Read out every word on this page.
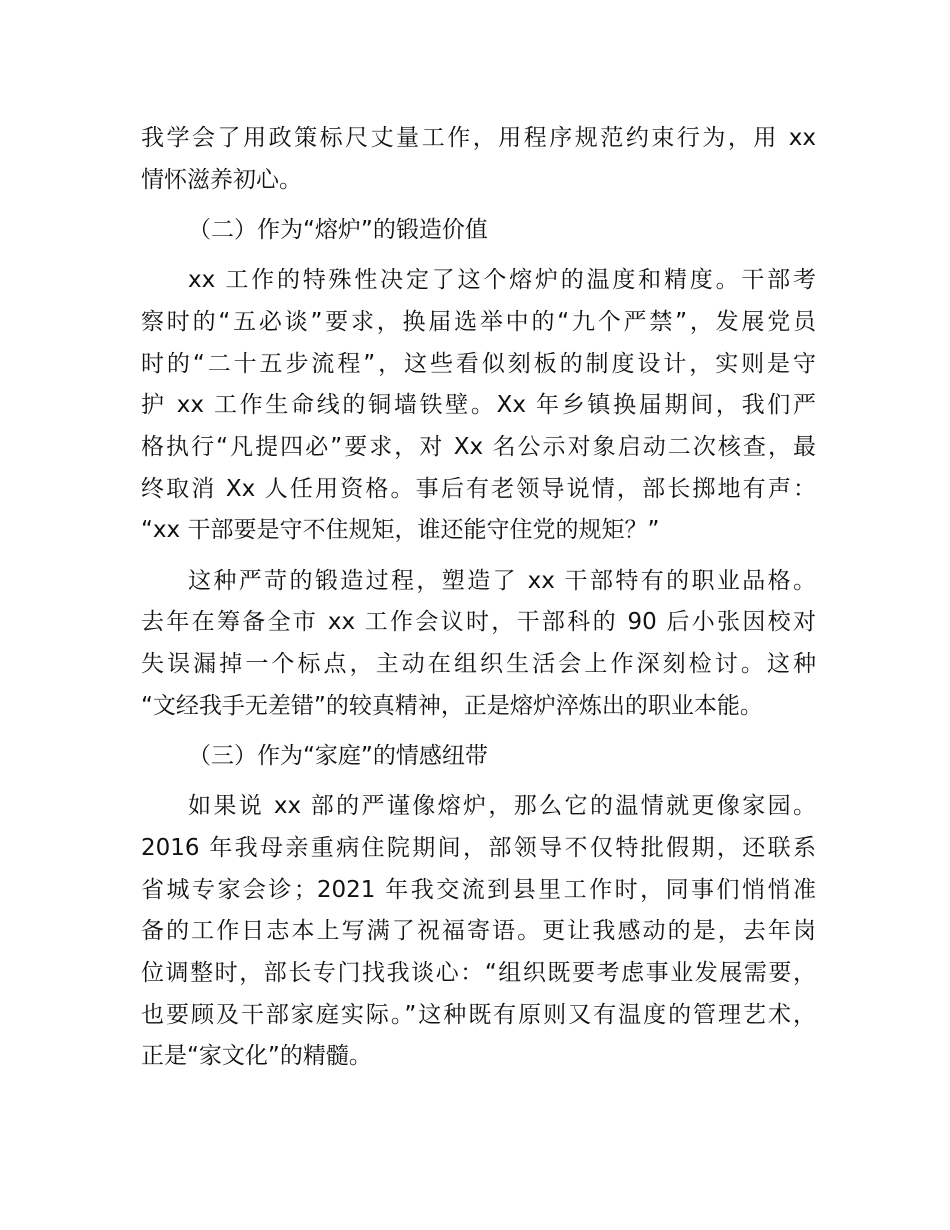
我学会了用政策标尺丈量工作，用程序规范约束行为，用 xx
情怀滋养初心。
（二）作为“熔炉”的锻造价值
xx 工作的特殊性决定了这个熔炉的温度和精度。干部考
察时的“五必谈”要求，换届选举中的“九个严禁”，发展党员
时的“二十五步流程”，这些看似刻板的制度设计，实则是守
护 xx 工作生命线的铜墙铁壁。Xx 年乡镇换届期间，我们严
格执行“凡提四必”要求，对 Xx 名公示对象启动二次核查，最
终取消 Xx 人任用资格。事后有老领导说情，部长掷地有声：
“xx 干部要是守不住规矩，谁还能守住党的规矩？”
这种严苛的锻造过程，塑造了 xx 干部特有的职业品格。
去年在筹备全市 xx 工作会议时，干部科的 90 后小张因校对
失误漏掉一个标点，主动在组织生活会上作深刻检讨。这种
“文经我手无差错”的较真精神，正是熔炉淬炼出的职业本能。
（三）作为“家庭”的情感纽带
如果说 xx 部的严谨像熔炉，那么它的温情就更像家园。
2016 年我母亲重病住院期间，部领导不仅特批假期，还联系
省城专家会诊；2021 年我交流到县里工作时，同事们悄悄准
备的工作日志本上写满了祝福寄语。更让我感动的是，去年岗
位调整时，部长专门找我谈心：“组织既要考虑事业发展需要，
也要顾及干部家庭实际。”这种既有原则又有温度的管理艺术，
正是“家文化”的精髓。
